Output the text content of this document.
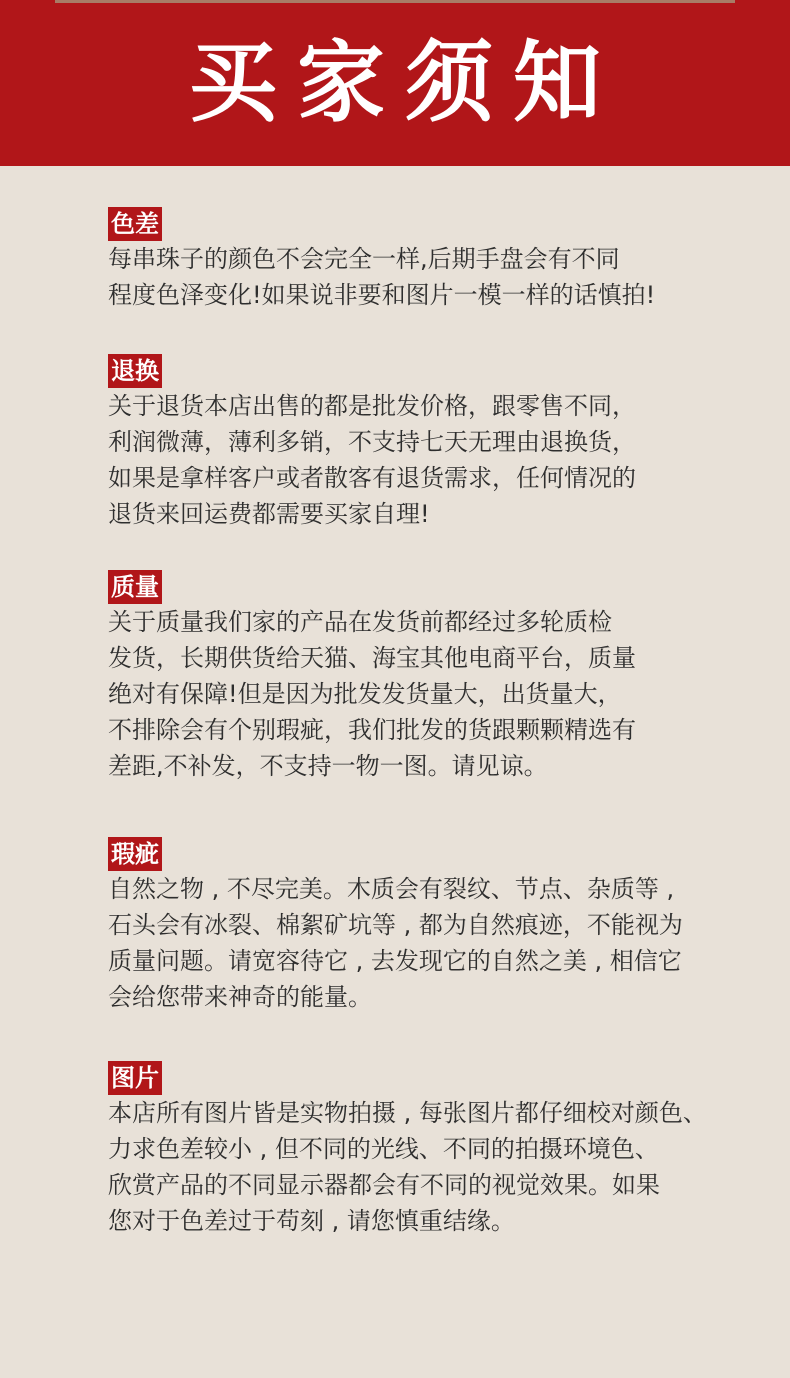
买家须知
色差
每串珠子的颜色不会完全一样,后期手盘会有不同
程度色泽变化!如果说非要和图片一模一样的话慎拍!
退换
关于退货本店出售的都是批发价格，跟零售不同，
利润微薄，薄利多销，不支持七天无理由退换货，
如果是拿样客户或者散客有退货需求，任何情况的
退货来回运费都需要买家自理!
质量
关于质量我们家的产品在发货前都经过多轮质检
发货，长期供货给天猫、海宝其他电商平台，质量
绝对有保障!但是因为批发发货量大，出货量大，
不排除会有个别瑕疵，我们批发的货跟颗颗精选有
差距,不补发，不支持一物一图。请见谅。
瑕疵
自然之物 , 不尽完美。木质会有裂纹、节点、杂质等 ,
石头会有冰裂、棉絮矿坑等 , 都为自然痕迹，不能视为
质量问题。请宽容待它 , 去发现它的自然之美 , 相信它
会给您带来神奇的能量。
图片
本店所有图片皆是实物拍摄 , 每张图片都仔细校对颜色、
力求色差较小 , 但不同的光线、不同的拍摄环境色、
欣赏产品的不同显示器都会有不同的视觉效果。如果
您对于色差过于苟刻 , 请您慎重结缘。
